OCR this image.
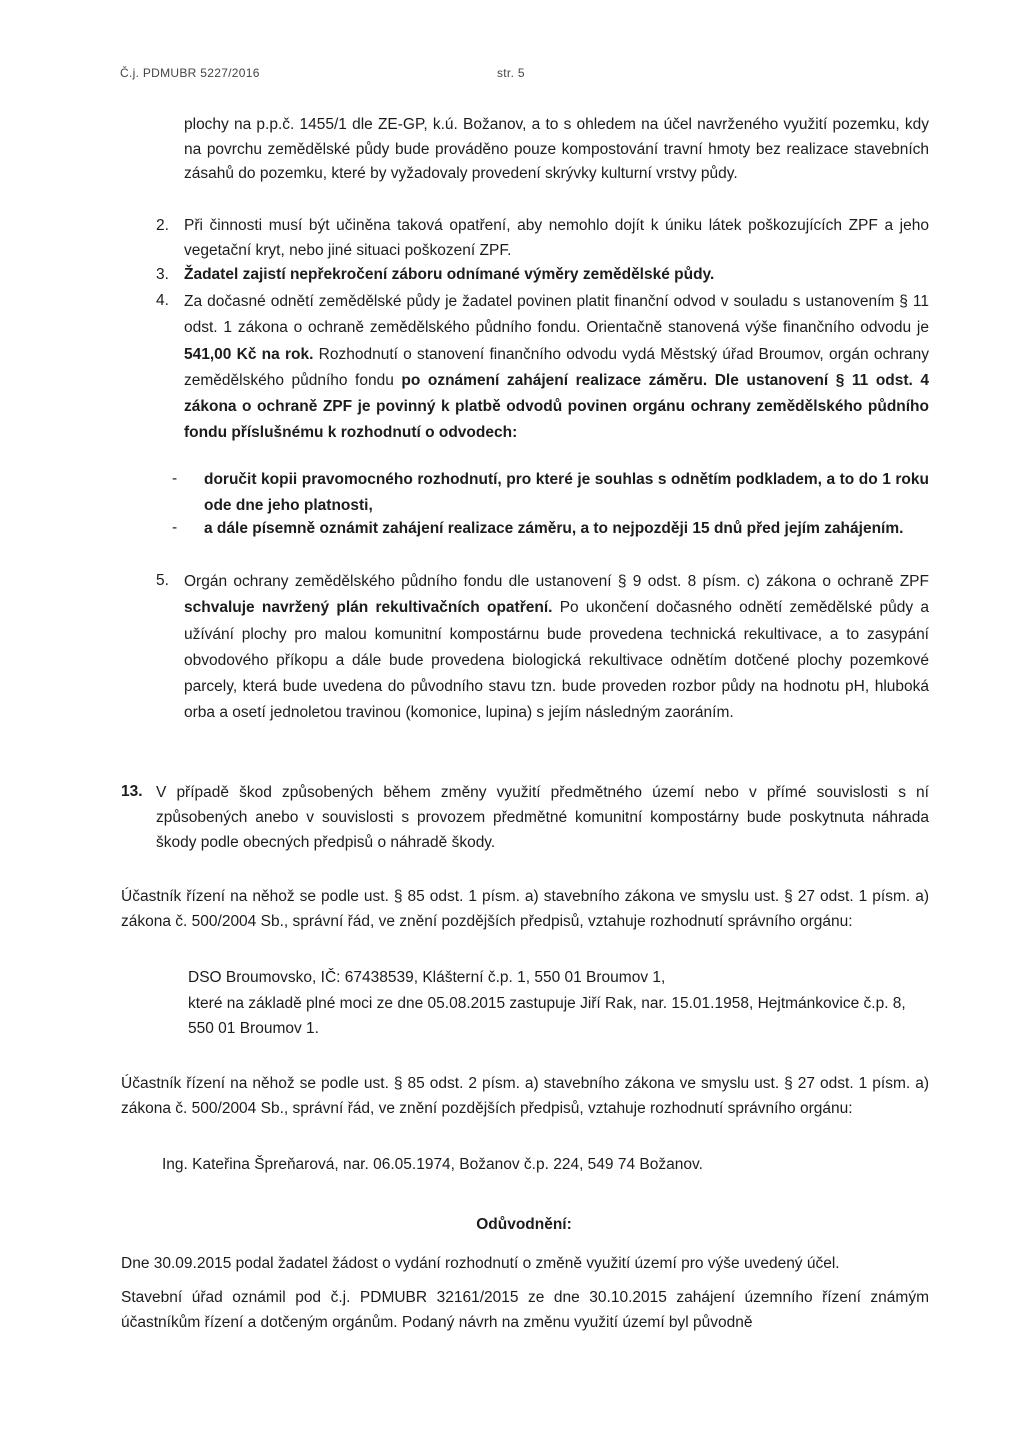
Č.j. PDMUBR 5227/2016	str. 5
plochy na p.p.č. 1455/1 dle ZE-GP, k.ú. Božanov, a to s ohledem na účel navrženého využití pozemku, kdy na povrchu zemědělské půdy bude prováděno pouze kompostování travní hmoty bez realizace stavebních zásahů do pozemku, které by vyžadovaly provedení skrývky kulturní vrstvy půdy.
2. Při činnosti musí být učiněna taková opatření, aby nemohlo dojít k úniku látek poškozujících ZPF a jeho vegetační kryt, nebo jiné situaci poškození ZPF.
3. Žadatel zajistí nepřekročení záboru odnímané výměry zemědělské půdy.
4. Za dočasné odnětí zemědělské půdy je žadatel povinen platit finanční odvod v souladu s ustanovením § 11 odst. 1 zákona o ochraně zemědělského půdního fondu. Orientačně stanovená výše finančního odvodu je 541,00 Kč na rok. Rozhodnutí o stanovení finančního odvodu vydá Městský úřad Broumov, orgán ochrany zemědělského půdního fondu po oznámení zahájení realizace záměru. Dle ustanovení § 11 odst. 4 zákona o ochraně ZPF je povinný k platbě odvodů povinen orgánu ochrany zemědělského půdního fondu příslušnému k rozhodnutí o odvodech:
- doručit kopii pravomocného rozhodnutí, pro které je souhlas s odnětím podkladem, a to do 1 roku ode dne jeho platnosti,
- a dále písemně oznámit zahájení realizace záměru, a to nejpozději 15 dnů před jejím zahájením.
5. Orgán ochrany zemědělského půdního fondu dle ustanovení § 9 odst. 8 písm. c) zákona o ochraně ZPF schvaluje navržený plán rekultivačních opatření. Po ukončení dočasného odnětí zemědělské půdy a užívání plochy pro malou komunitní kompostárnu bude provedena technická rekultivace, a to zasypání obvodového příkopu a dále bude provedena biologická rekultivace odnětím dotčené plochy pozemkové parcely, která bude uvedena do původního stavu tzn. bude proveden rozbor půdy na hodnotu pH, hluboká orba a osetí jednoletou travinou (komonice, lupina) s jejím následným zaoráním.
13. V případě škod způsobených během změny využití předmětného území nebo v přímé souvislosti s ní způsobených anebo v souvislosti s provozem předmětné komunitní kompostárny bude poskytnuta náhrada škody podle obecných předpisů o náhradě škody.
Účastník řízení na něhož se podle ust. § 85 odst. 1 písm. a) stavebního zákona ve smyslu ust. § 27 odst. 1 písm. a) zákona č. 500/2004 Sb., správní řád, ve znění pozdějších předpisů, vztahuje rozhodnutí správního orgánu:
DSO Broumovsko, IČ: 67438539, Klášterní č.p. 1, 550 01 Broumov 1,
které na základě plné moci ze dne 05.08.2015 zastupuje Jiří Rak, nar. 15.01.1958, Hejtmánkovice č.p. 8, 550 01 Broumov 1.
Účastník řízení na něhož se podle ust. § 85 odst. 2 písm. a) stavebního zákona ve smyslu ust. § 27 odst. 1 písm. a) zákona č. 500/2004 Sb., správní řád, ve znění pozdějších předpisů, vztahuje rozhodnutí správního orgánu:
Ing. Kateřina Špreňarová, nar. 06.05.1974, Božanov č.p. 224, 549 74 Božanov.
Odůvodnění:
Dne 30.09.2015 podal žadatel žádost o vydání rozhodnutí o změně využití území pro výše uvedený účel.
Stavební úřad oznámil pod č.j. PDMUBR 32161/2015 ze dne 30.10.2015 zahájení územního řízení známým účastníkům řízení a dotčeným orgánům. Podaný návrh na změnu využití území byl původně
